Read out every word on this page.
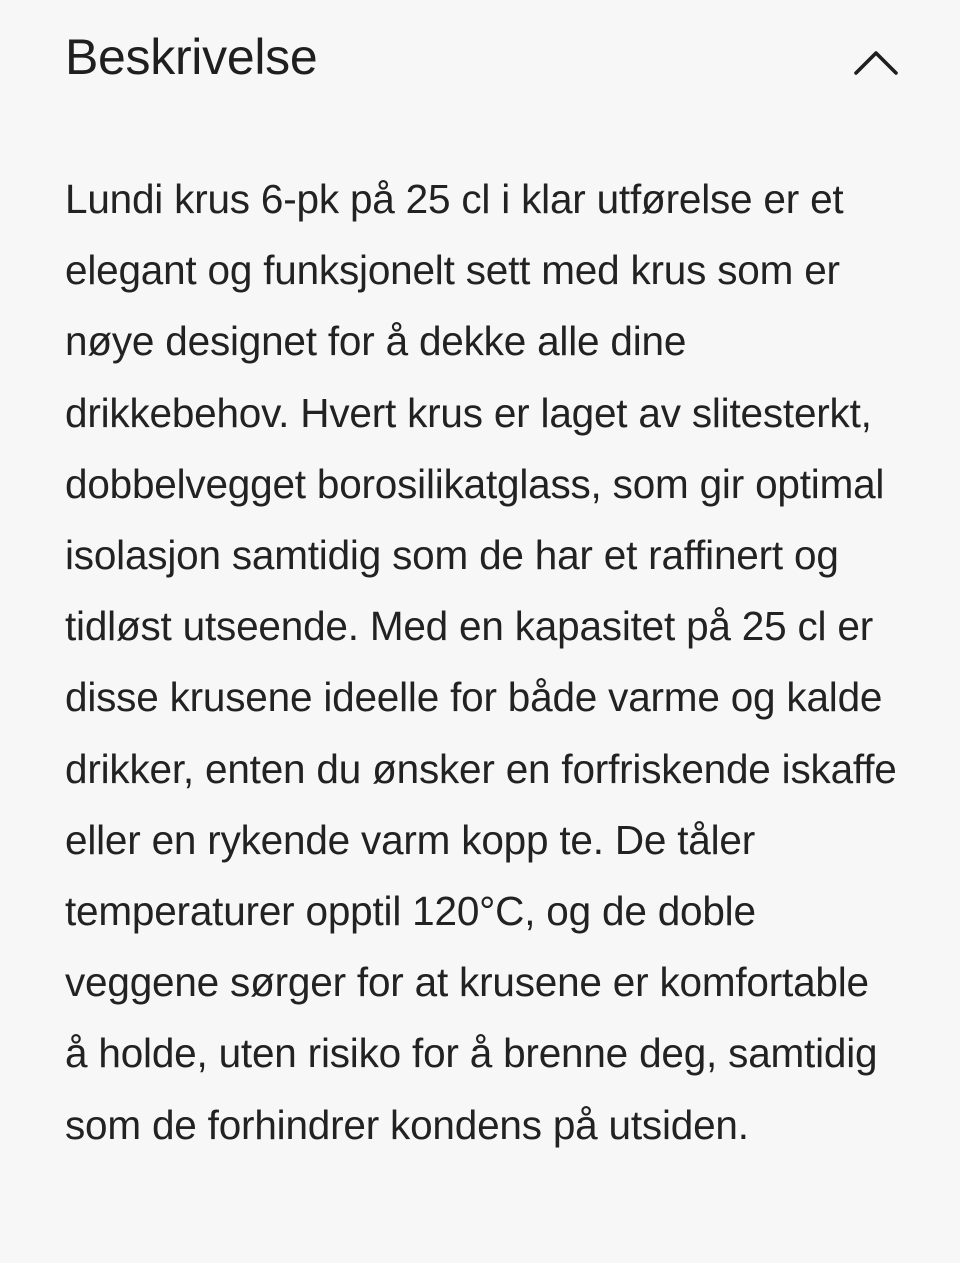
Beskrivelse

Lundi krus 6-pk på 25 cl i klar utførelse er et elegant og funksjonelt sett med krus som er nøye designet for å dekke alle dine drikkebehov. Hvert krus er laget av slitesterkt, dobbelvegget borosilikatglass, som gir optimal isolasjon samtidig som de har et raffinert og tidløst utseende. Med en kapasitet på 25 cl er disse krusene ideelle for både varme og kalde drikker, enten du ønsker en forfriskende iskaffe eller en rykende varm kopp te. De tåler temperaturer opptil 120°C, og de doble veggene sørger for at krusene er komfortable å holde, uten risiko for å brenne deg, samtidig som de forhindrer kondens på utsiden.
